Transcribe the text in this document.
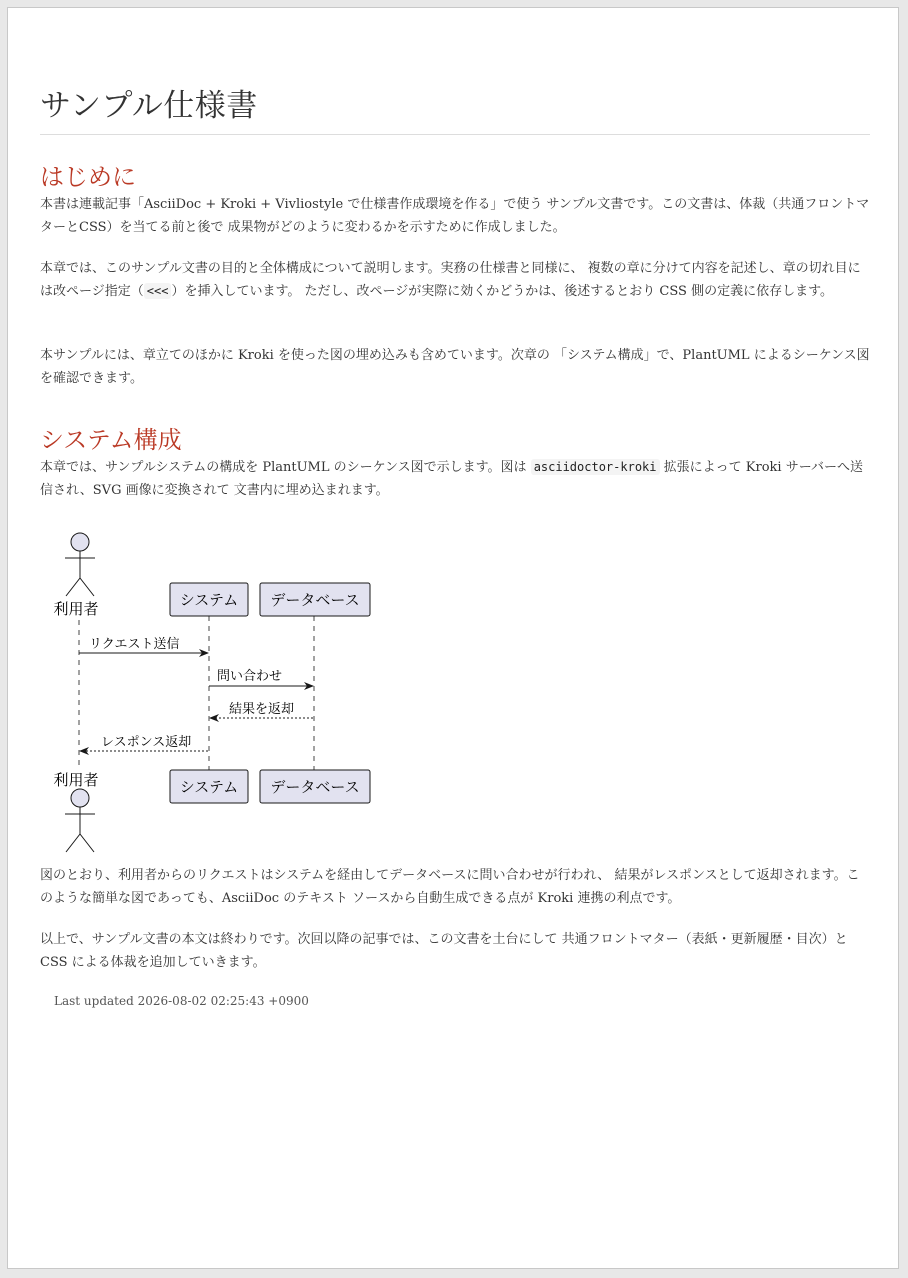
サンプル仕様書
はじめに

本書は連載記事「AsciiDoc + Kroki + Vivliostyle で仕様書作成環境を作る」で使う サンプル文書です。この文書は、体裁（共通フロントマターとCSS）を当てる前と後で 成果物がどのように変わるかを示すために作成しました。

本章では、このサンプル文書の目的と全体構成について説明します。実務の仕様書と同様に、 複数の章に分けて内容を記述し、章の切れ目には改ページ指定（ <<< ）を挿入しています。 ただし、改ページが実際に効くかどうかは、後述するとおり CSS 側の定義に依存します。

本サンプルには、章立てのほかに Kroki を使った図の埋め込みも含めています。次章の 「システム構成」で、PlantUML によるシーケンス図を確認できます。

システム構成

本章では、サンプルシステムの構成を PlantUML のシーケンス図で示します。図は asciidoctor-kroki 拡張によって Kroki サーバーへ送信され、SVG 画像に変換されて 文書内に埋め込まれます。

利用者	システム データベース
リクエスト送信
問い合わせ
結果を返却
レスポンス返却
利用者	システム データベース

図のとおり、利用者からのリクエストはシステムを経由してデータベースに問い合わせが行われ、 結果がレスポンスとして返却されます。このような簡単な図であっても、AsciiDoc のテキスト ソースから自動生成できる点が Kroki 連携の利点です。

以上で、サンプル文書の本文は終わりです。次回以降の記事では、この文書を土台にして 共通フロントマター（表紙・更新履歴・目次）と CSS による体裁を追加していきます。

Last updated 2026-08-02 02:25:43 +0900
